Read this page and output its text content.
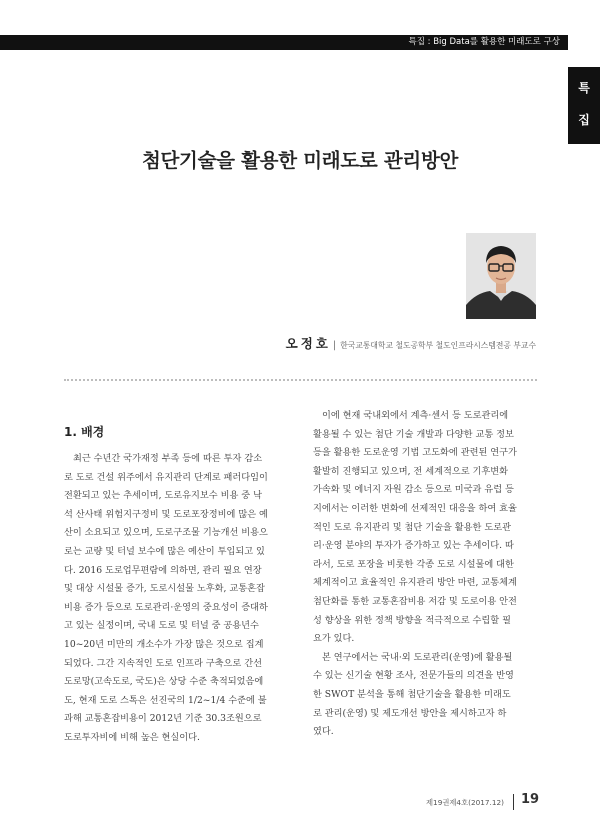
특집 : Big Data를 활용한 미래도로 구상
특
집
첨단기술을 활용한 미래도로 관리방안
오정호 | 한국교통대학교 철도공학부 철도인프라시스템전공 부교수
1. 배경
최근 수년간 국가재정 부족 등에 따른 투자 감소
로 도로 건설 위주에서 유지관리 단계로 패러다임이
전환되고 있는 추세이며, 도로유지보수 비용 중 낙
석 산사태 위험지구정비 및 도로포장정비에 많은 예
산이 소요되고 있으며, 도로구조물 기능개선 비용으
로는 교량 및 터널 보수에 많은 예산이 투입되고 있
다. 2016 도로업무편람에 의하면, 관리 필요 연장
및 대상 시설물 증가, 도로시설물 노후화, 교통혼잡
비용 증가 등으로 도로관리·운영의 중요성이 증대하
고 있는 실정이며, 국내 도로 및 터널 중 공용년수
10~20년 미만의 개소수가 가장 많은 것으로 집계
되었다. 그간 지속적인 도로 인프라 구축으로 간선
도로망(고속도로, 국도)은 상당 수준 축적되었음에
도, 현재 도로 스톡은 선진국의 1/2~1/4 수준에 불
과해 교통혼잡비용이 2012년 기준 30.3조원으로
도로투자비에 비해 높은 현실이다.
이에 현재 국내외에서 계측·센서 등 도로관리에
활용될 수 있는 첨단 기술 개발과 다양한 교통 정보
등을 활용한 도로운영 기법 고도화에 관련된 연구가
활발히 진행되고 있으며, 전 세계적으로 기후변화
가속화 및 에너지 자원 감소 등으로 미국과 유럽 등
지에서는 이러한 변화에 선제적인 대응을 하여 효율
적인 도로 유지관리 및 첨단 기술을 활용한 도로관
리·운영 분야의 투자가 증가하고 있는 추세이다. 따
라서, 도로 포장을 비롯한 각종 도로 시설물에 대한
체계적이고 효율적인 유지관리 방안 마련, 교통체계
첨단화를 통한 교통혼잡비용 저감 및 도로이용 안전
성 향상을 위한 정책 방향을 적극적으로 수립할 필
요가 있다.
본 연구에서는 국내·외 도로관리(운영)에 활용될
수 있는 신기술 현황 조사, 전문가들의 의견을 반영
한 SWOT 분석을 통해 첨단기술을 활용한 미래도
로 관리(운영) 및 제도개선 방안을 제시하고자 하
였다.
제19권제4호(2017.12) 19
